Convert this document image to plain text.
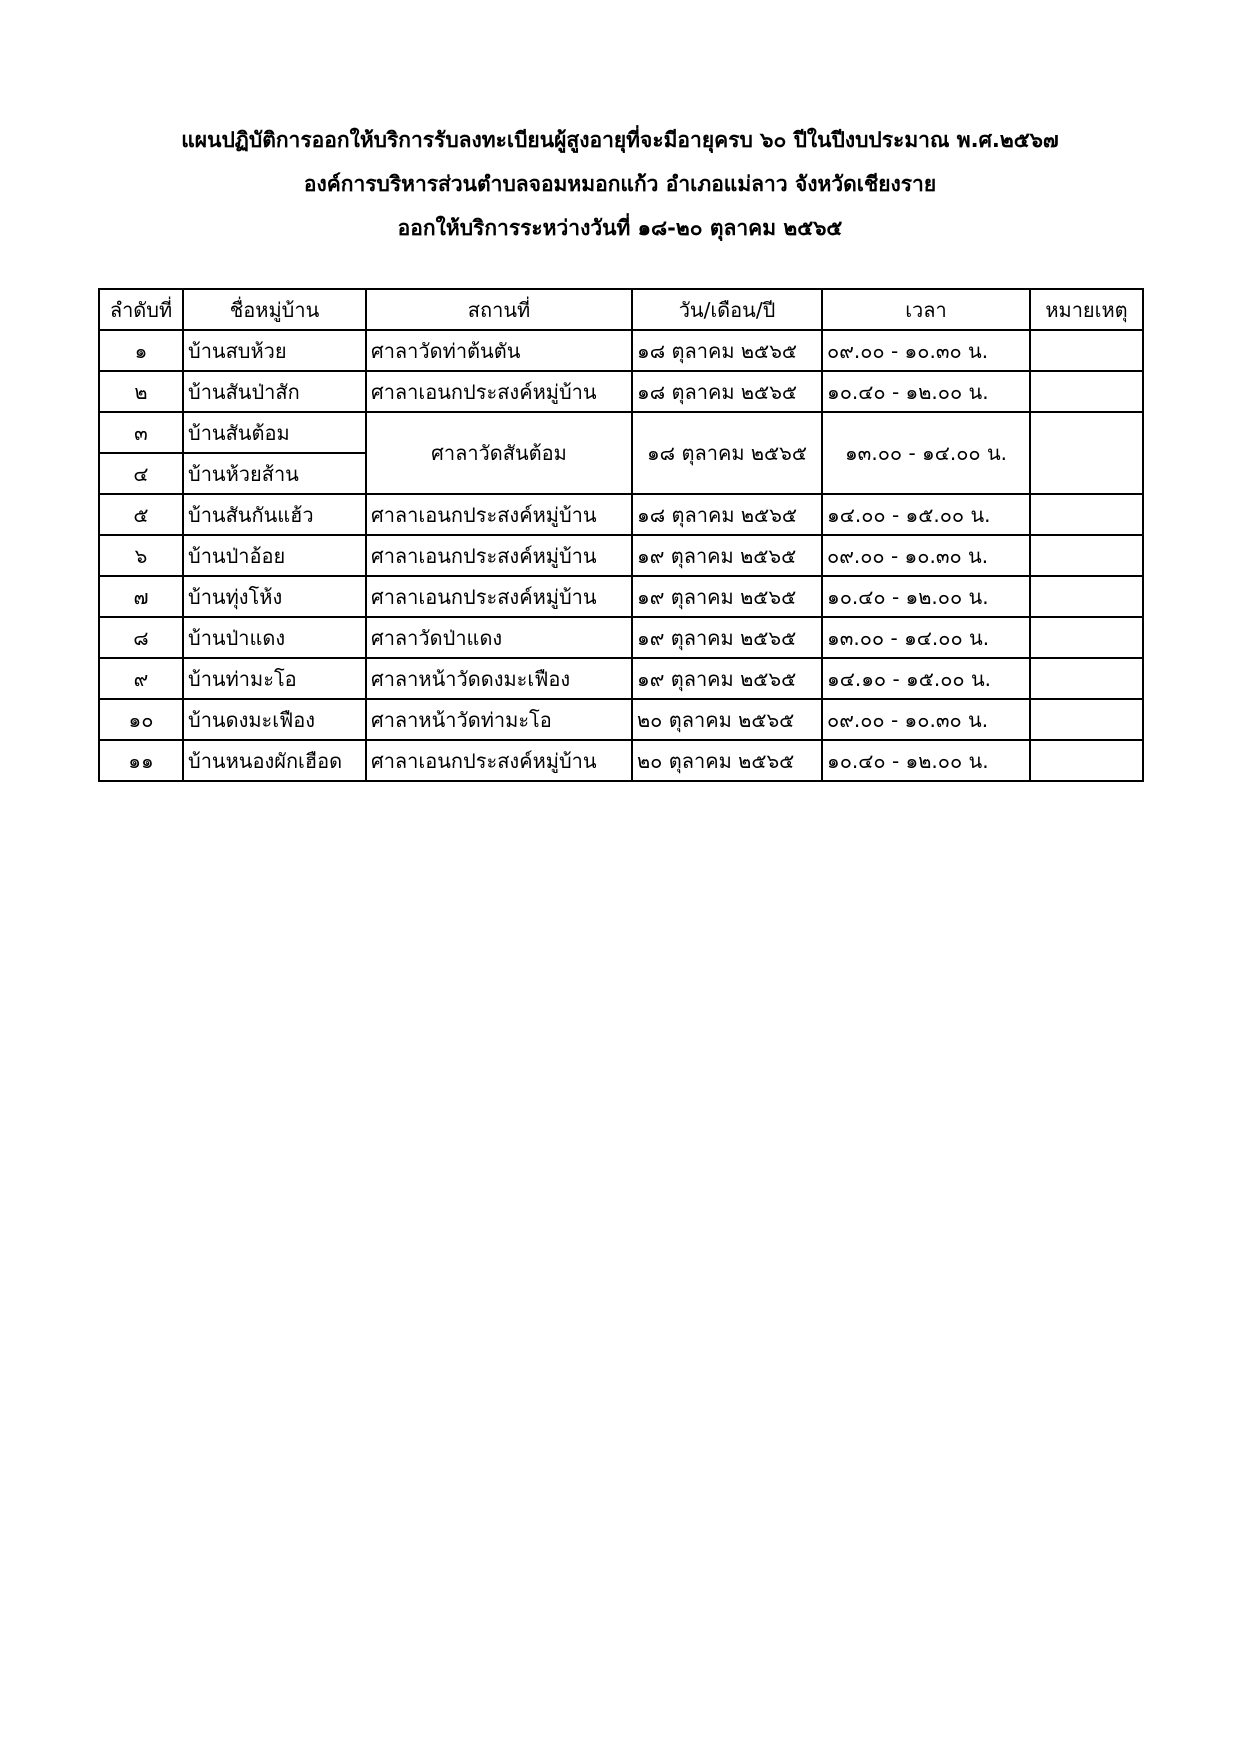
แผนปฏิบัติการออกให้บริการรับลงทะเบียนผู้สูงอายุที่จะมีอายุครบ ๖๐ ปีในปีงบประมาณ พ.ศ.๒๕๖๗
องค์การบริหารส่วนตำบลจอมหมอกแก้ว อำเภอแม่ลาว จังหวัดเชียงราย
ออกให้บริการระหว่างวันที่ ๑๘-๒๐ ตุลาคม ๒๕๖๕
ลำดับที่	ชื่อหมู่บ้าน	สถานที่	วัน/เดือน/ปี	เวลา	หมายเหตุ
๑	บ้านสบห้วย	ศาลาวัดท่าต้นตัน	๑๘ ตุลาคม ๒๕๖๕	๐๙.๐๐ - ๑๐.๓๐ น.	
๒	บ้านสันป่าสัก	ศาลาเอนกประสงค์หมู่บ้าน	๑๘ ตุลาคม ๒๕๖๕	๑๐.๔๐ - ๑๒.๐๐ น.	
๓	บ้านสันต้อม	ศาลาวัดสันต้อม	๑๘ ตุลาคม ๒๕๖๕	๑๓.๐๐ - ๑๔.๐๐ น.	
๔	บ้านห้วยส้าน				
๕	บ้านสันกันแฮ้ว	ศาลาเอนกประสงค์หมู่บ้าน	๑๘ ตุลาคม ๒๕๖๕	๑๔.๐๐ - ๑๕.๐๐ น.	
๖	บ้านป่าอ้อย	ศาลาเอนกประสงค์หมู่บ้าน	๑๙ ตุลาคม ๒๕๖๕	๐๙.๐๐ - ๑๐.๓๐ น.	
๗	บ้านทุ่งโห้ง	ศาลาเอนกประสงค์หมู่บ้าน	๑๙ ตุลาคม ๒๕๖๕	๑๐.๔๐ - ๑๒.๐๐ น.	
๘	บ้านป่าแดง	ศาลาวัดป่าแดง	๑๙ ตุลาคม ๒๕๖๕	๑๓.๐๐ - ๑๔.๐๐ น.	
๙	บ้านท่ามะโอ	ศาลาหน้าวัดดงมะเฟือง	๑๙ ตุลาคม ๒๕๖๕	๑๔.๑๐ - ๑๕.๐๐ น.	
๑๐	บ้านดงมะเฟือง	ศาลาหน้าวัดท่ามะโอ	๒๐ ตุลาคม ๒๕๖๕	๐๙.๐๐ - ๑๐.๓๐ น.	
๑๑	บ้านหนองผักเฮือด	ศาลาเอนกประสงค์หมู่บ้าน	๒๐ ตุลาคม ๒๕๖๕	๑๐.๔๐ - ๑๒.๐๐ น.	
